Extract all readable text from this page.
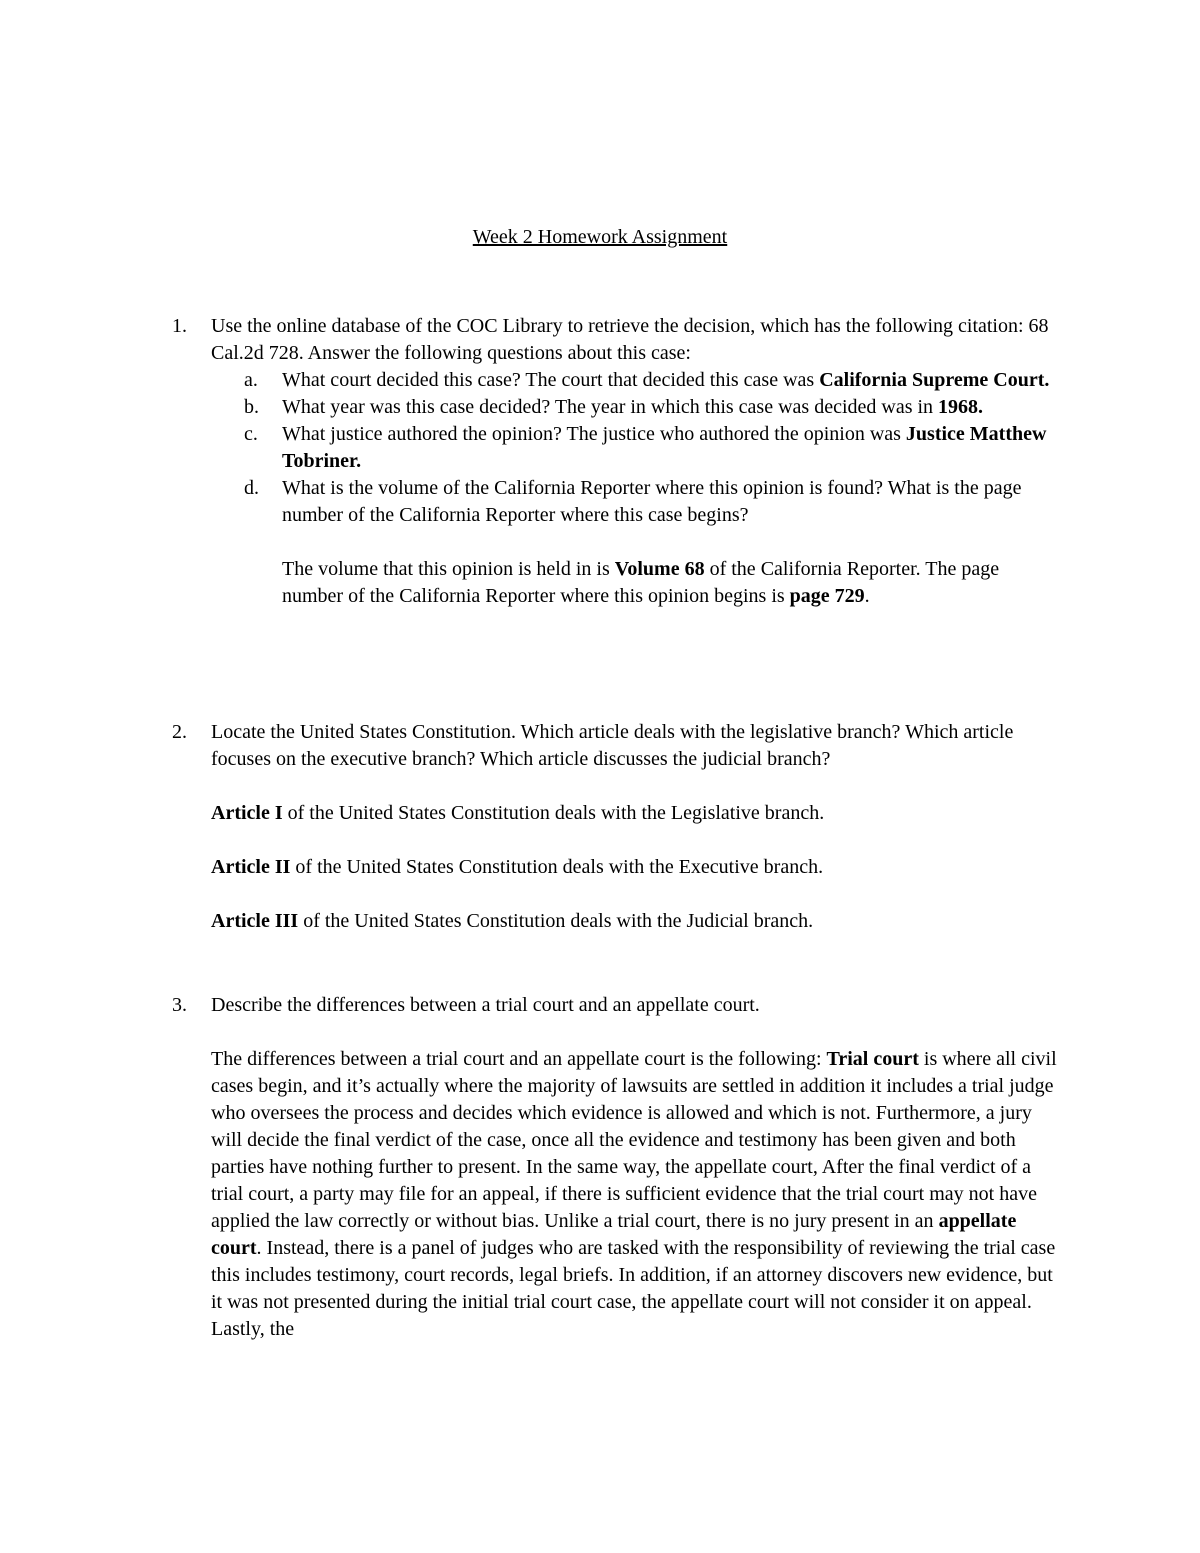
Week 2 Homework Assignment
1.	Use the online database of the COC Library to retrieve the decision, which has the following citation: 68 Cal.2d 728. Answer the following questions about this case:

a.	What court decided this case? The court that decided this case was California Supreme Court.
b.	What year was this case decided? The year in which this case was decided was in 1968.
c.	What justice authored the opinion? The justice who authored the opinion was Justice Matthew Tobriner.
d.	What is the volume of the California Reporter where this opinion is found? What is the page number of the California Reporter where this case begins?

The volume that this opinion is held in is Volume 68 of the California Reporter. The page number of the California Reporter where this opinion begins is page 729.

2.	Locate the United States Constitution. Which article deals with the legislative branch? Which article focuses on the executive branch? Which article discusses the judicial branch?

Article I of the United States Constitution deals with the Legislative branch.

Article II of the United States Constitution deals with the Executive branch.

Article III of the United States Constitution deals with the Judicial branch.

3.	Describe the differences between a trial court and an appellate court.

The differences between a trial court and an appellate court is the following: Trial court is where all civil cases begin, and it’s actually where the majority of lawsuits are settled in addition it includes a trial judge who oversees the process and decides which evidence is allowed and which is not. Furthermore, a jury will decide the final verdict of the case, once all the evidence and testimony has been given and both parties have nothing further to present. In the same way, the appellate court, After the final verdict of a trial court, a party may file for an appeal, if there is sufficient evidence that the trial court may not have applied the law correctly or without bias. Unlike a trial court, there is no jury present in an appellate court. Instead, there is a panel of judges who are tasked with the responsibility of reviewing the trial case this includes testimony, court records, legal briefs. In addition, if an attorney discovers new evidence, but it was not presented during the initial trial court case, the appellate court will not consider it on appeal. Lastly, the
